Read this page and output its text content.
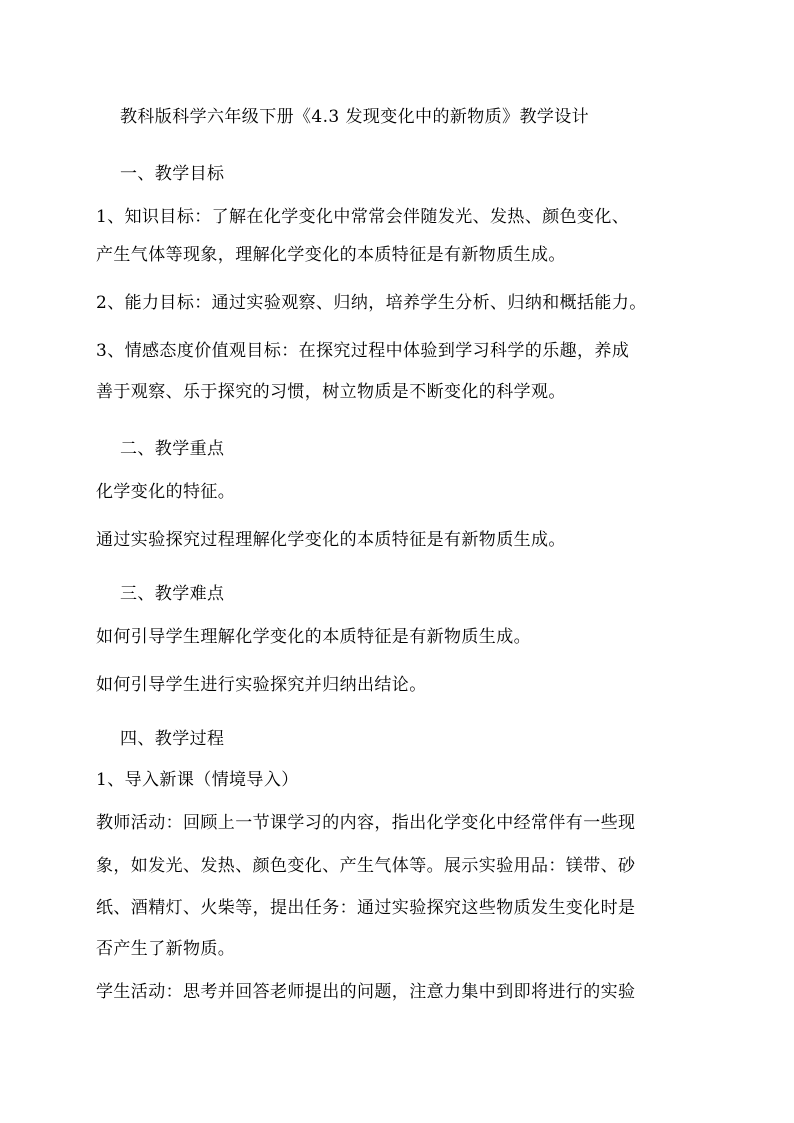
教科版科学六年级下册《4.3 发现变化中的新物质》教学设计
一、教学目标
1、知识目标：了解在化学变化中常常会伴随发光、发热、颜色变化、
产生气体等现象，理解化学变化的本质特征是有新物质生成。
2、能力目标：通过实验观察、归纳，培养学生分析、归纳和概括能力。
3、情感态度价值观目标：在探究过程中体验到学习科学的乐趣，养成
善于观察、乐于探究的习惯，树立物质是不断变化的科学观。
二、教学重点
化学变化的特征。
通过实验探究过程理解化学变化的本质特征是有新物质生成。
三、教学难点
如何引导学生理解化学变化的本质特征是有新物质生成。
如何引导学生进行实验探究并归纳出结论。
四、教学过程
1、导入新课（情境导入）
教师活动：回顾上一节课学习的内容，指出化学变化中经常伴有一些现
象，如发光、发热、颜色变化、产生气体等。展示实验用品：镁带、砂
纸、酒精灯、火柴等，提出任务：通过实验探究这些物质发生变化时是
否产生了新物质。
学生活动：思考并回答老师提出的问题，注意力集中到即将进行的实验
